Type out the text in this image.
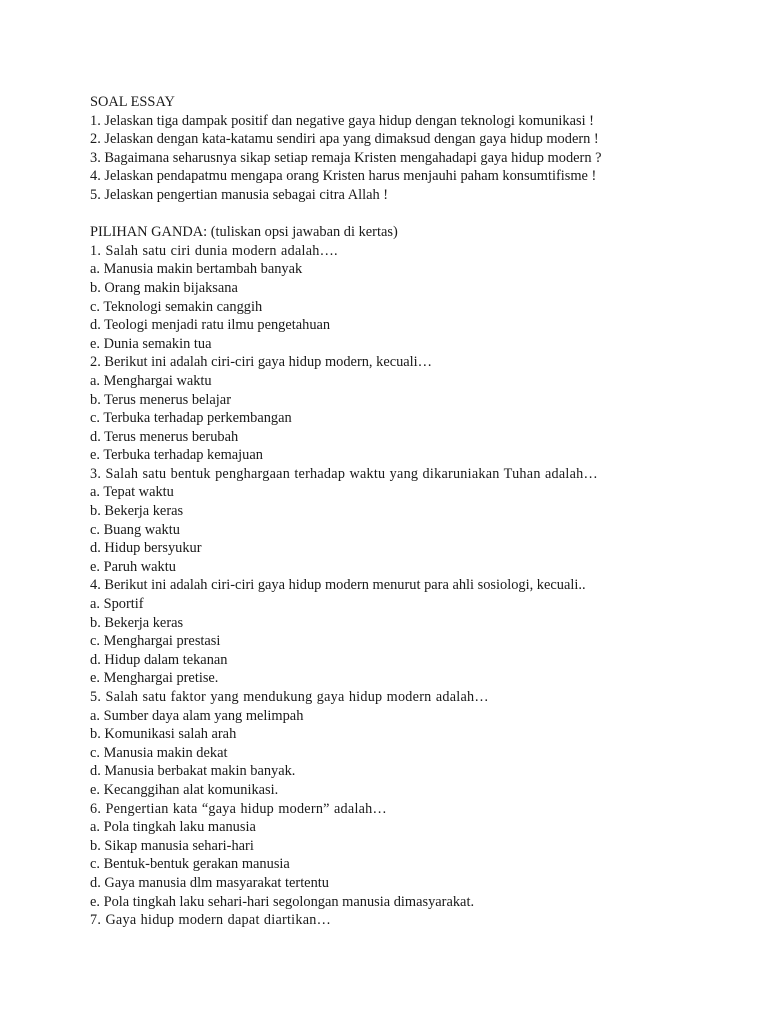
SOAL ESSAY

1. Jelaskan tiga dampak positif dan negative gaya hidup dengan teknologi komunikasi !

2. Jelaskan dengan kata-katamu sendiri apa yang dimaksud dengan gaya hidup modern !

3. Bagaimana seharusnya sikap setiap remaja Kristen mengahadapi gaya hidup modern ?

4. Jelaskan pendapatmu mengapa orang Kristen harus menjauhi paham konsumtifisme !

5. Jelaskan pengertian manusia sebagai citra Allah !

PILIHAN GANDA: (tuliskan opsi jawaban di kertas)

1. Salah satu ciri dunia modern adalah….

a. Manusia makin bertambah banyak

b. Orang makin bijaksana

c. Teknologi semakin canggih

d. Teologi menjadi ratu ilmu pengetahuan

e. Dunia semakin tua

2. Berikut ini adalah ciri-ciri gaya hidup modern, kecuali…

a. Menghargai waktu

b. Terus menerus belajar

c. Terbuka terhadap perkembangan

d. Terus menerus berubah

e. Terbuka terhadap kemajuan

3. Salah satu bentuk penghargaan terhadap waktu yang dikaruniakan Tuhan adalah…

a. Tepat waktu

b. Bekerja keras

c. Buang waktu

d. Hidup bersyukur

e. Paruh waktu

4. Berikut ini adalah ciri-ciri gaya hidup modern menurut para ahli sosiologi, kecuali..

a. Sportif

b. Bekerja keras

c. Menghargai prestasi

d. Hidup dalam tekanan

e. Menghargai pretise.

5. Salah satu faktor yang mendukung gaya hidup modern adalah…

a. Sumber daya alam yang melimpah

b. Komunikasi salah arah

c. Manusia makin dekat

d. Manusia berbakat makin banyak.

e. Kecanggihan alat komunikasi.

6. Pengertian kata “gaya hidup modern” adalah…

a. Pola tingkah laku manusia

b. Sikap manusia sehari-hari

c. Bentuk-bentuk gerakan manusia

d. Gaya manusia dlm masyarakat tertentu

e. Pola tingkah laku sehari-hari segolongan manusia dimasyarakat.

7. Gaya hidup modern dapat diartikan…
